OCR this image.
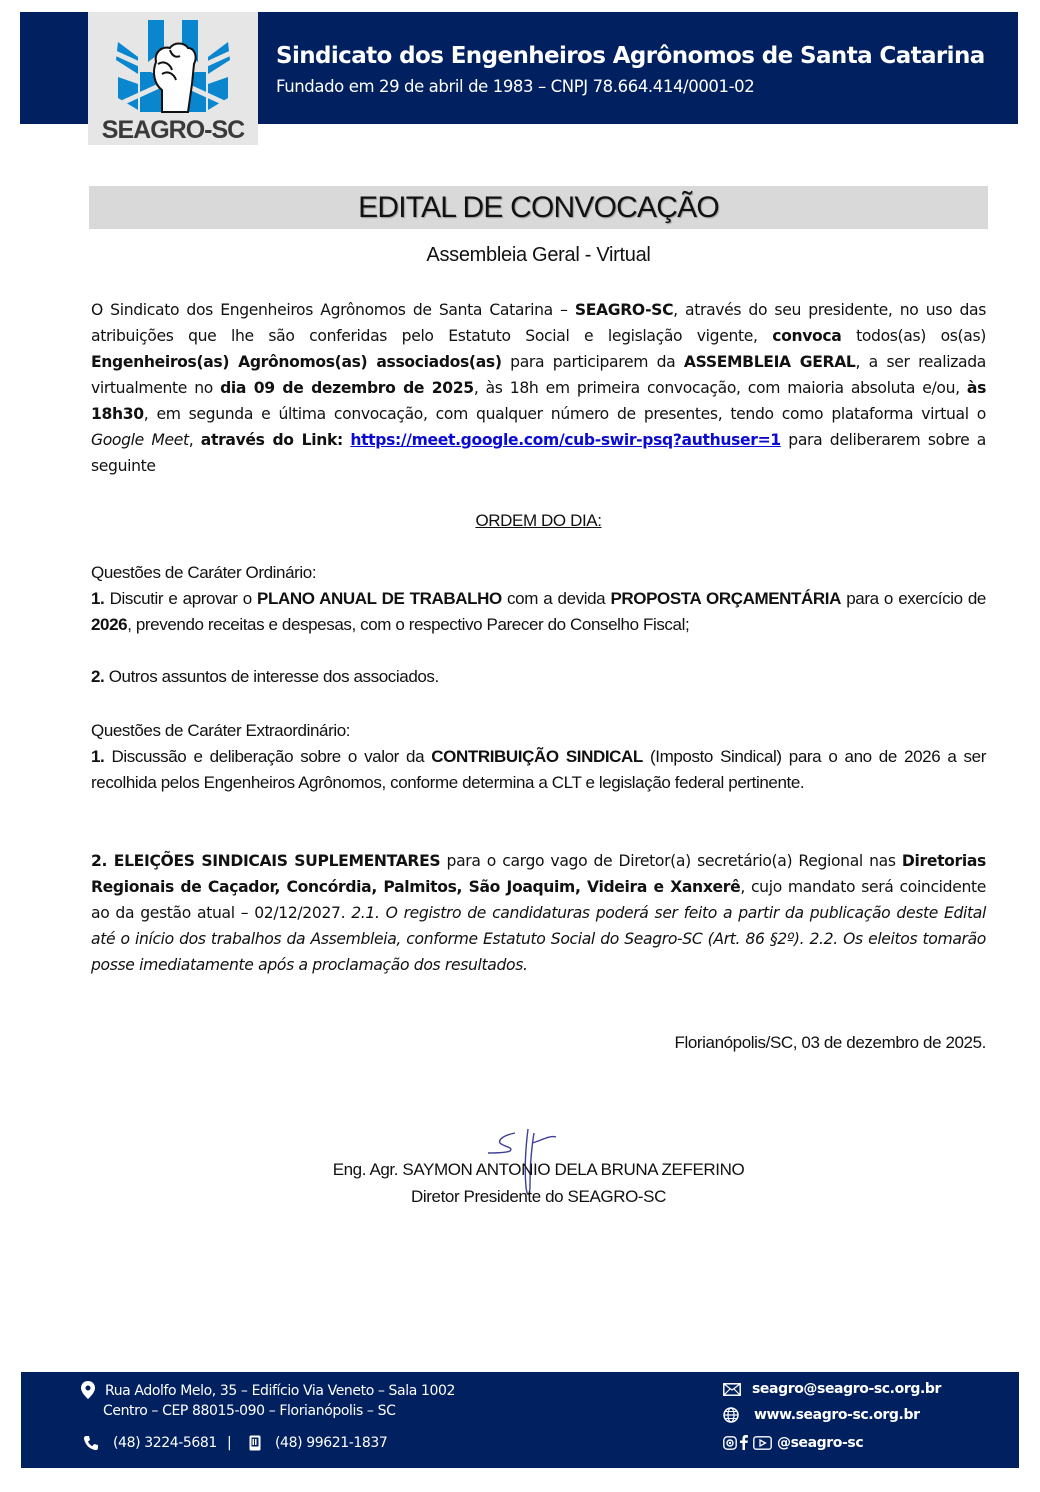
SEAGRO-SC
Sindicato dos Engenheiros Agrônomos de Santa Catarina
Fundado em 29 de abril de 1983 – CNPJ 78.664.414/0001-02
EDITAL DE CONVOCAÇÃO
Assembleia Geral - Virtual
O Sindicato dos Engenheiros Agrônomos de Santa Catarina – SEAGRO-SC, através do seu presidente, no uso das atribuições que lhe são conferidas pelo Estatuto Social e legislação vigente, convoca todos(as) os(as) Engenheiros(as) Agrônomos(as) associados(as) para participarem da ASSEMBLEIA GERAL, a ser realizada virtualmente no dia 09 de dezembro de 2025, às 18h em primeira convocação, com maioria absoluta e/ou, às 18h30, em segunda e última convocação, com qualquer número de presentes, tendo como plataforma virtual o Google Meet, através do Link: https://meet.google.com/cub-swir-psq?authuser=1 para deliberarem sobre a seguinte
ORDEM DO DIA:
Questões de Caráter Ordinário:
1. Discutir e aprovar o PLANO ANUAL DE TRABALHO com a devida PROPOSTA ORÇAMENTÁRIA para o exercício de 2026, prevendo receitas e despesas, com o respectivo Parecer do Conselho Fiscal;
2. Outros assuntos de interesse dos associados.
Questões de Caráter Extraordinário:
1. Discussão e deliberação sobre o valor da CONTRIBUIÇÃO SINDICAL (Imposto Sindical) para o ano de 2026 a ser recolhida pelos Engenheiros Agrônomos, conforme determina a CLT e legislação federal pertinente.
2. ELEIÇÕES SINDICAIS SUPLEMENTARES para o cargo vago de Diretor(a) secretário(a) Regional nas Diretorias Regionais de Caçador, Concórdia, Palmitos, São Joaquim, Videira e Xanxerê, cujo mandato será coincidente ao da gestão atual – 02/12/2027. 2.1. O registro de candidaturas poderá ser feito a partir da publicação deste Edital até o início dos trabalhos da Assembleia, conforme Estatuto Social do Seagro-SC (Art. 86 §2º). 2.2. Os eleitos tomarão posse imediatamente após a proclamação dos resultados.
Florianópolis/SC, 03 de dezembro de 2025.
Eng. Agr. SAYMON ANTONIO DELA BRUNA ZEFERINO
Diretor Presidente do SEAGRO-SC
Rua Adolfo Melo, 35 – Edifício Via Veneto – Sala 1002
Centro – CEP 88015-090 – Florianópolis – SC
(48) 3224-5681 |	(48) 99621-1837
seagro@seagro-sc.org.br
www.seagro-sc.org.br
@seagro-sc
